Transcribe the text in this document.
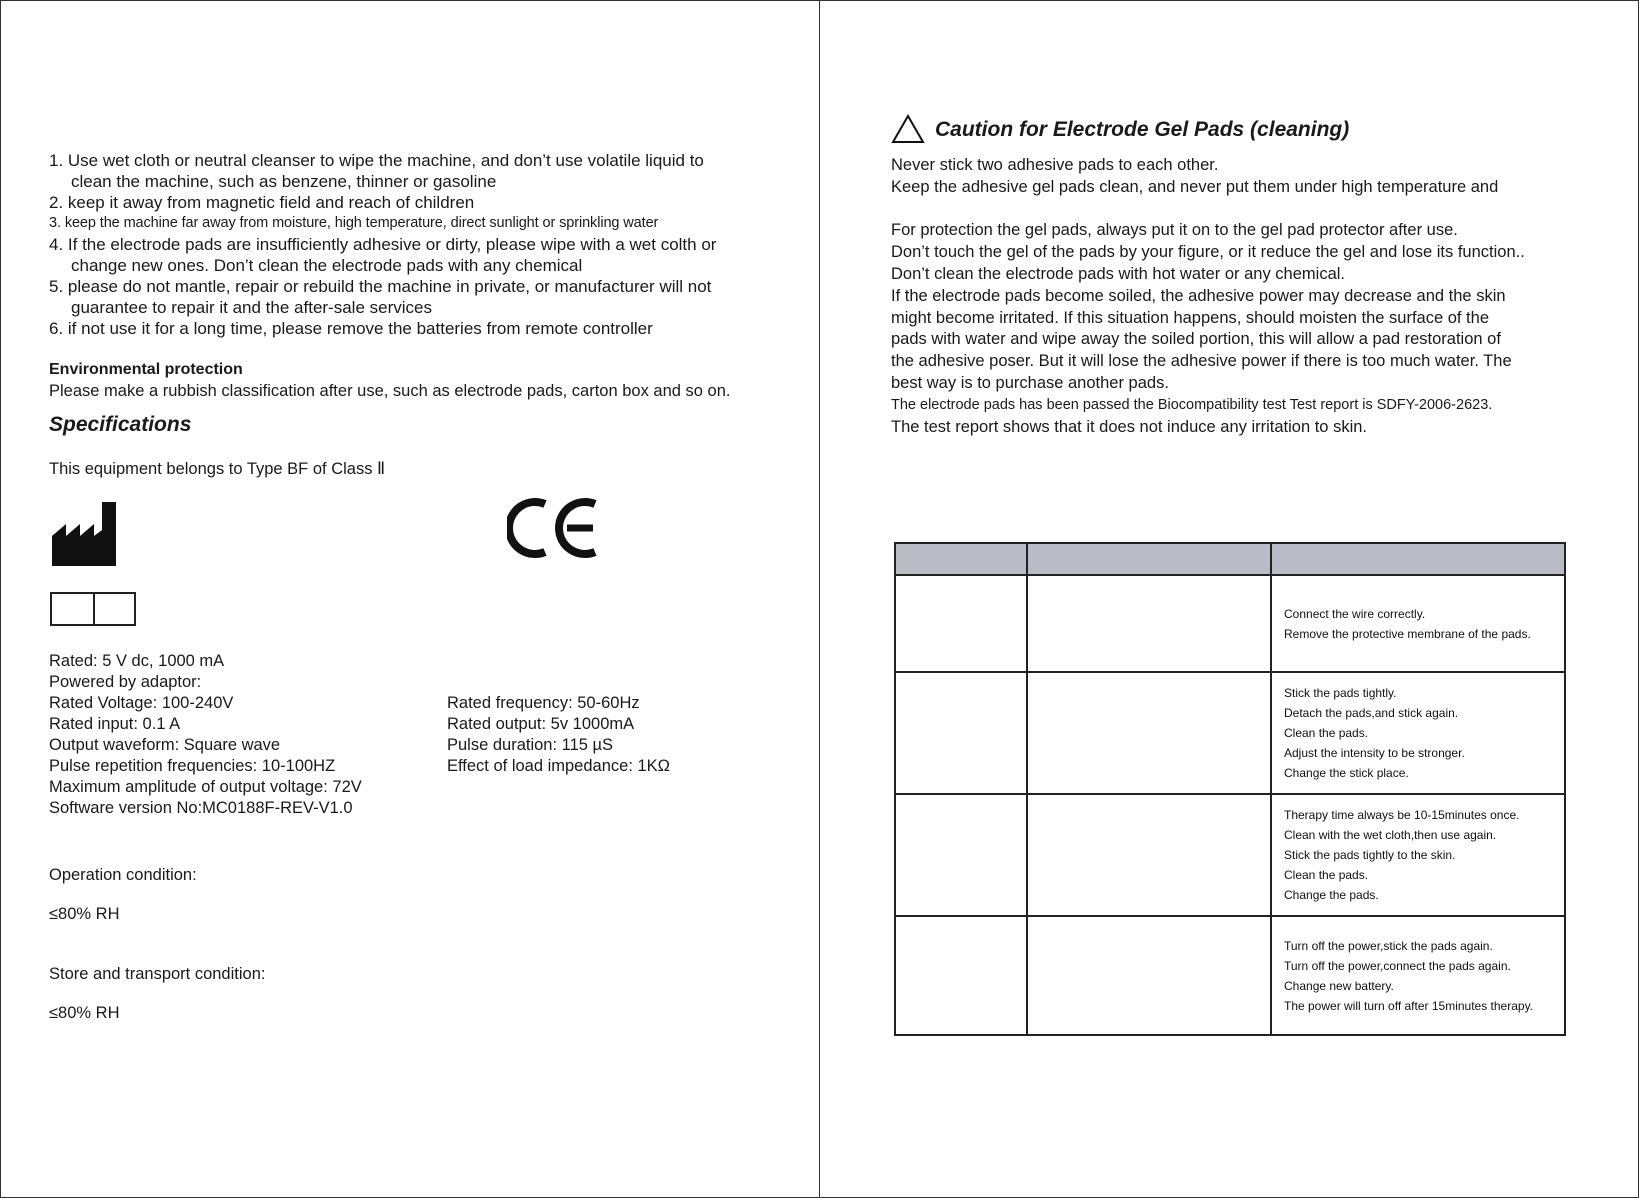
1. Use wet cloth or neutral cleanser to wipe the machine, and don’t use volatile liquid to
clean the machine, such as benzene, thinner or gasoline
2. keep it away from magnetic field and reach of children
3. keep the machine far away from moisture, high temperature, direct sunlight or sprinkling water
4. If the electrode pads are insufficiently adhesive or dirty, please wipe with a wet colth or
change new ones. Don’t clean the electrode pads with any chemical
5. please do not mantle, repair or rebuild the machine in private, or manufacturer will not
guarantee to repair it and the after-sale services
6. if not use it for a long time, please remove the batteries from remote controller
Environmental protection
Please make a rubbish classification after use, such as electrode pads, carton box and so on.
Specifications
This equipment belongs to Type BF of Class Ⅱ
Rated: 5 V dc, 1000 mA
Powered by adaptor:
Rated Voltage: 100-240V
Rated input: 0.1 A
Output waveform: Square wave
Pulse repetition frequencies: 10-100HZ
Maximum amplitude of output voltage: 72V
Software version No:MC0188F-REV-V1.0
Rated frequency: 50-60Hz
Rated output: 5v 1000mA
Pulse duration: 115 µS
Effect of load impedance: 1KΩ
Operation condition:
≤80% RH
Store and transport condition:
≤80% RH
Caution for Electrode Gel Pads (cleaning)
Never stick two adhesive pads to each other.
Keep the adhesive gel pads clean, and never put them under high temperature and
For protection the gel pads, always put it on to the gel pad protector after use.
Don’t touch the gel of the pads by your figure, or it reduce the gel and lose its function..
Don’t clean the electrode pads with hot water or any chemical.
If the electrode pads become soiled, the adhesive power may decrease and the skin
might become irritated. If this situation happens, should moisten the surface of the
pads with water and wipe away the soiled portion, this will allow a pad restoration of
the adhesive poser. But it will lose the adhesive power if there is too much water. The
best way is to purchase another pads.
The electrode pads has been passed the Biocompatibility test Test report is SDFY-2006-2623.
The test report shows that it does not induce any irritation to skin.

		Connect the wire correctly.
Remove the protective membrane of the pads.

		Stick the pads tightly.
Detach the pads,and stick again.
Clean the pads.
Adjust the intensity to be stronger.
Change the stick place.

		Therapy time always be 10-15minutes once.
Clean with the wet cloth,then use again.
Stick the pads tightly to the skin.
Clean the pads.
Change the pads.

		Turn off the power,stick the pads again.
Turn off the power,connect the pads again.
Change new battery.
The power will turn off after 15minutes therapy.
